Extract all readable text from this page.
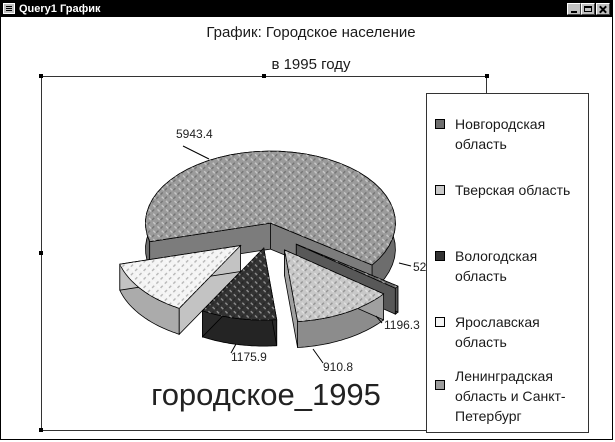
Query1 График
График: Городское население
в 1995 году
5943.4
52
1196.3
910.8
1175.9
Новгородская область
Тверская область
Вологодская область
Ярославская область
Ленинградская область и Санкт-Петербург
городское_1995
